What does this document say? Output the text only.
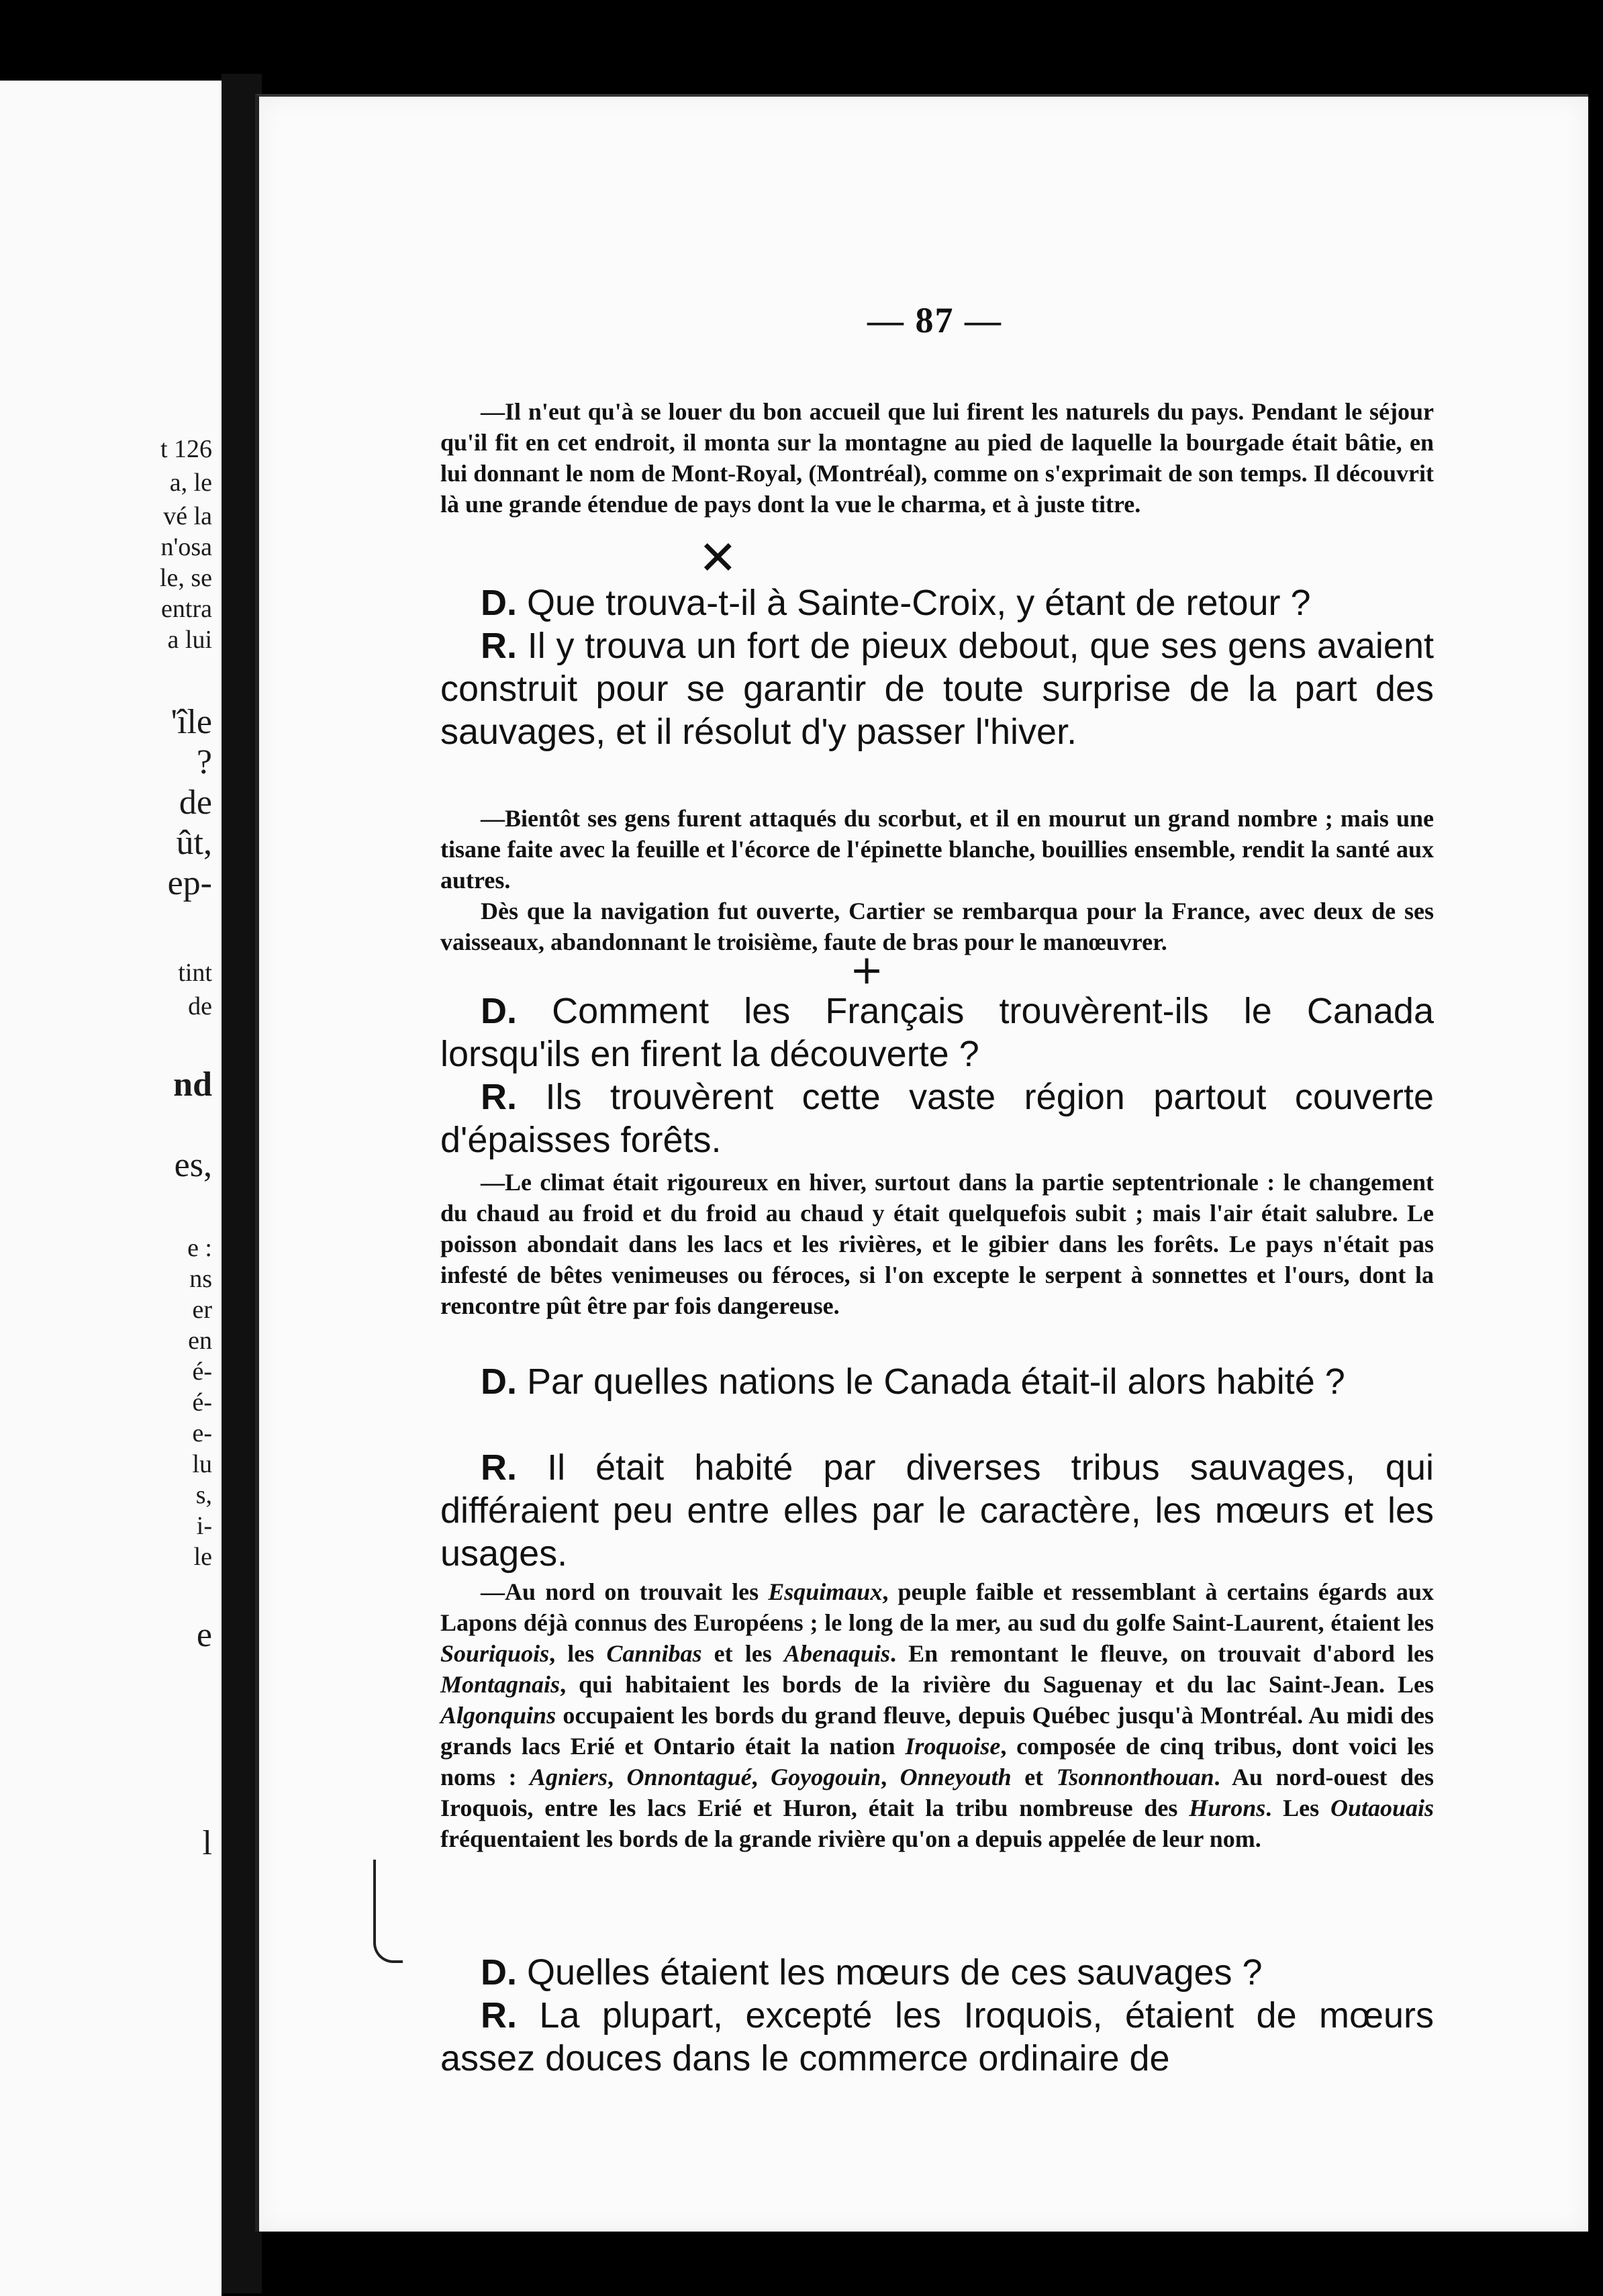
t 126
a, le
vé la
n'osa
le, se
entra
a lui
'île
?
de
ût,
ep-
tint
de
nd
es,
e :
ns
er
en
é-
é-
e-
lu
s,
i-
le
e
l
— 87 —

—Il n'eut qu'à se louer du bon accueil que lui firent les naturels du pays. Pendant le séjour qu'il fit en cet endroit, il monta sur la montagne au pied de laquelle la bourgade était bâtie, en lui donnant le nom de Mont-Royal, (Montréal), comme on s'exprimait de son temps. Il découvrit là une grande étendue de pays dont la vue le charma, et à juste titre.

D. Que trouva-t-il à Sainte-Croix, y étant de retour ?

R. Il y trouva un fort de pieux debout, que ses gens avaient construit pour se garantir de toute surprise de la part des sauvages, et il résolut d'y passer l'hiver.

—Bientôt ses gens furent attaqués du scorbut, et il en mourut un grand nombre ; mais une tisane faite avec la feuille et l'écorce de l'épinette blanche, bouillies ensemble, rendit la santé aux autres.

Dès que la navigation fut ouverte, Cartier se rembarqua pour la France, avec deux de ses vaisseaux, abandonnant le troisième, faute de bras pour le manœuvrer.

D. Comment les Français trouvèrent-ils le Canada lorsqu'ils en firent la découverte ?

R. Ils trouvèrent cette vaste région partout couverte d'épaisses forêts.

—Le climat était rigoureux en hiver, surtout dans la partie septentrionale : le changement du chaud au froid et du froid au chaud y était quelquefois subit ; mais l'air était salubre. Le poisson abondait dans les lacs et les rivières, et le gibier dans les forêts. Le pays n'était pas infesté de bêtes venimeuses ou féroces, si l'on excepte le serpent à sonnettes et l'ours, dont la rencontre pût être par fois dangereuse.

D. Par quelles nations le Canada était-il alors habité ?

R. Il était habité par diverses tribus sauvages, qui différaient peu entre elles par le caractère, les mœurs et les usages.

—Au nord on trouvait les Esquimaux, peuple faible et ressemblant à certains égards aux Lapons déjà connus des Européens ; le long de la mer, au sud du golfe Saint-Laurent, étaient les Souriquois, les Cannibas et les Abenaquis. En remontant le fleuve, on trouvait d'abord les Montagnais, qui habitaient les bords de la rivière du Saguenay et du lac Saint-Jean. Les Algonquins occupaient les bords du grand fleuve, depuis Québec jusqu'à Montréal. Au midi des grands lacs Erié et Ontario était la nation Iroquoise, composée de cinq tribus, dont voici les noms : Agniers, Onnontagué, Goyogouin, Onneyouth et Tsonnonthouan. Au nord-ouest des Iroquois, entre les lacs Erié et Huron, était la tribu nombreuse des Hurons. Les Outaouais fréquentaient les bords de la grande rivière qu'on a depuis appelée de leur nom.

D. Quelles étaient les mœurs de ces sauvages ?

R. La plupart, excepté les Iroquois, étaient de mœurs assez douces dans le commerce ordinaire de

✕
+
